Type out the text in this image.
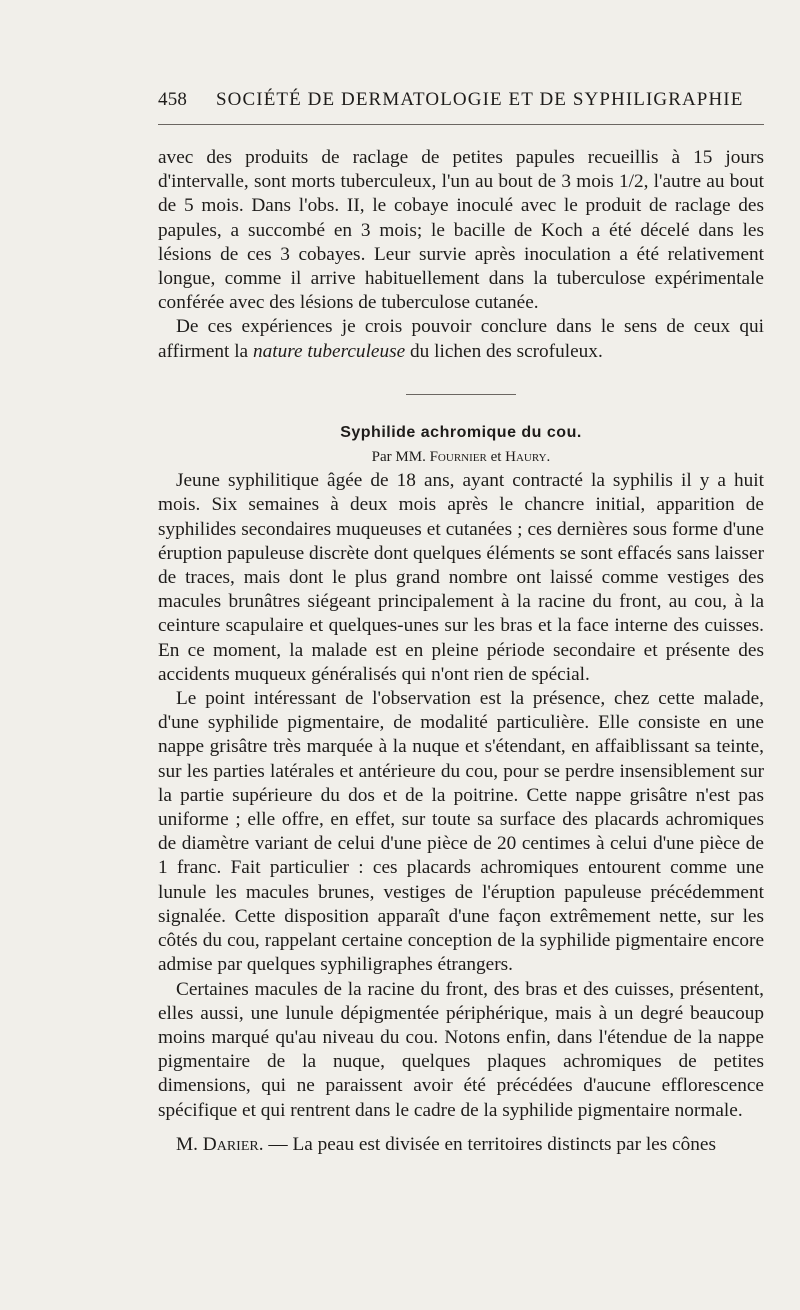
458 SOCIÉTÉ DE DERMATOLOGIE ET DE SYPHILIGRAPHIE

avec des produits de raclage de petites papules recueillis à 15 jours d'intervalle, sont morts tuberculeux, l'un au bout de 3 mois 1/2, l'autre au bout de 5 mois. Dans l'obs. II, le cobaye inoculé avec le produit de raclage des papules, a succombé en 3 mois; le bacille de Koch a été décelé dans les lésions de ces 3 cobayes. Leur survie après inoculation a été relativement longue, comme il arrive habituellement dans la tuberculose expérimentale conférée avec des lésions de tuberculose cutanée.

De ces expériences je crois pouvoir conclure dans le sens de ceux qui affirment la nature tuberculeuse du lichen des scrofuleux.

Syphilide achromique du cou.

Par MM. Fournier et Haury.

Jeune syphilitique âgée de 18 ans, ayant contracté la syphilis il y a huit mois. Six semaines à deux mois après le chancre initial, apparition de syphilides secondaires muqueuses et cutanées ; ces dernières sous forme d'une éruption papuleuse discrète dont quelques éléments se sont effacés sans laisser de traces, mais dont le plus grand nombre ont laissé comme vestiges des macules brunâtres siégeant principalement à la racine du front, au cou, à la ceinture scapulaire et quelques-unes sur les bras et la face interne des cuisses. En ce moment, la malade est en pleine période secondaire et présente des accidents muqueux généralisés qui n'ont rien de spécial.

Le point intéressant de l'observation est la présence, chez cette malade, d'une syphilide pigmentaire, de modalité particulière. Elle consiste en une nappe grisâtre très marquée à la nuque et s'étendant, en affaiblissant sa teinte, sur les parties latérales et antérieure du cou, pour se perdre insensiblement sur la partie supérieure du dos et de la poitrine. Cette nappe grisâtre n'est pas uniforme ; elle offre, en effet, sur toute sa surface des placards achromiques de diamètre variant de celui d'une pièce de 20 centimes à celui d'une pièce de 1 franc. Fait particulier : ces placards achromiques entourent comme une lunule les macules brunes, vestiges de l'éruption papuleuse précédemment signalée. Cette disposition apparaît d'une façon extrêmement nette, sur les côtés du cou, rappelant certaine conception de la syphilide pigmentaire encore admise par quelques syphiligraphes étrangers.

Certaines macules de la racine du front, des bras et des cuisses, présentent, elles aussi, une lunule dépigmentée périphérique, mais à un degré beaucoup moins marqué qu'au niveau du cou. Notons enfin, dans l'étendue de la nappe pigmentaire de la nuque, quelques plaques achromiques de petites dimensions, qui ne paraissent avoir été précédées d'aucune efflorescence spécifique et qui rentrent dans le cadre de la syphilide pigmentaire normale.

M. Darier. — La peau est divisée en territoires distincts par les cônes
